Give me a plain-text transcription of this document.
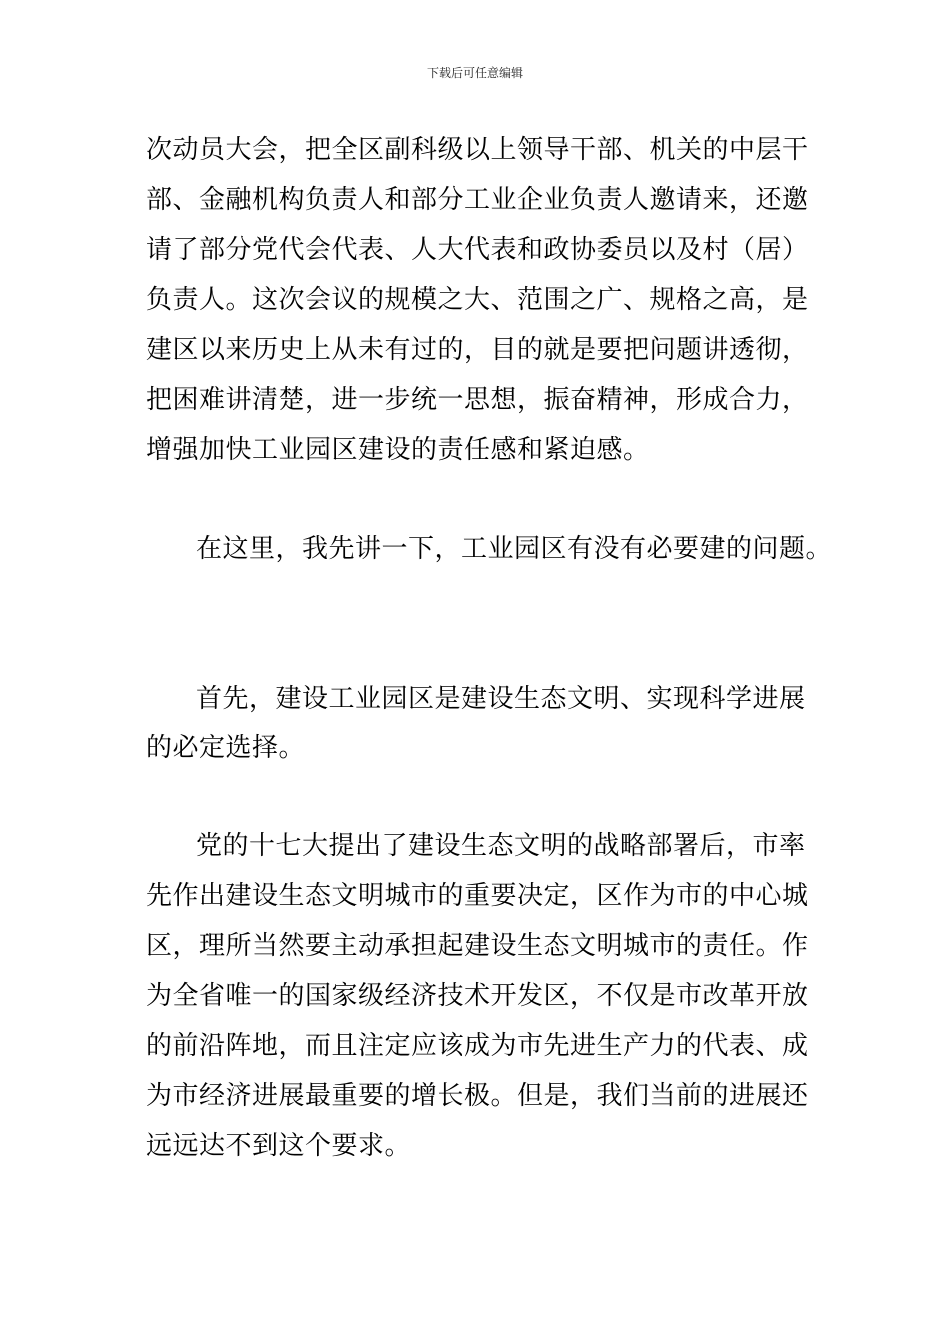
下载后可任意编辑
次动员大会，把全区副科级以上领导干部、机关的中层干
部、金融机构负责人和部分工业企业负责人邀请来，还邀
请了部分党代会代表、人大代表和政协委员以及村（居）
负责人。这次会议的规模之大、范围之广、规格之高，是
建区以来历史上从未有过的，目的就是要把问题讲透彻，
把困难讲清楚，进一步统一思想，振奋精神，形成合力，
增强加快工业园区建设的责任感和紧迫感。
在这里，我先讲一下，工业园区有没有必要建的问题。
首先，建设工业园区是建设生态文明、实现科学进展
的必定选择。
党的十七大提出了建设生态文明的战略部署后，市率
先作出建设生态文明城市的重要决定，区作为市的中心城
区，理所当然要主动承担起建设生态文明城市的责任。作
为全省唯一的国家级经济技术开发区，不仅是市改革开放
的前沿阵地，而且注定应该成为市先进生产力的代表、成
为市经济进展最重要的增长极。但是，我们当前的进展还
远远达不到这个要求。
